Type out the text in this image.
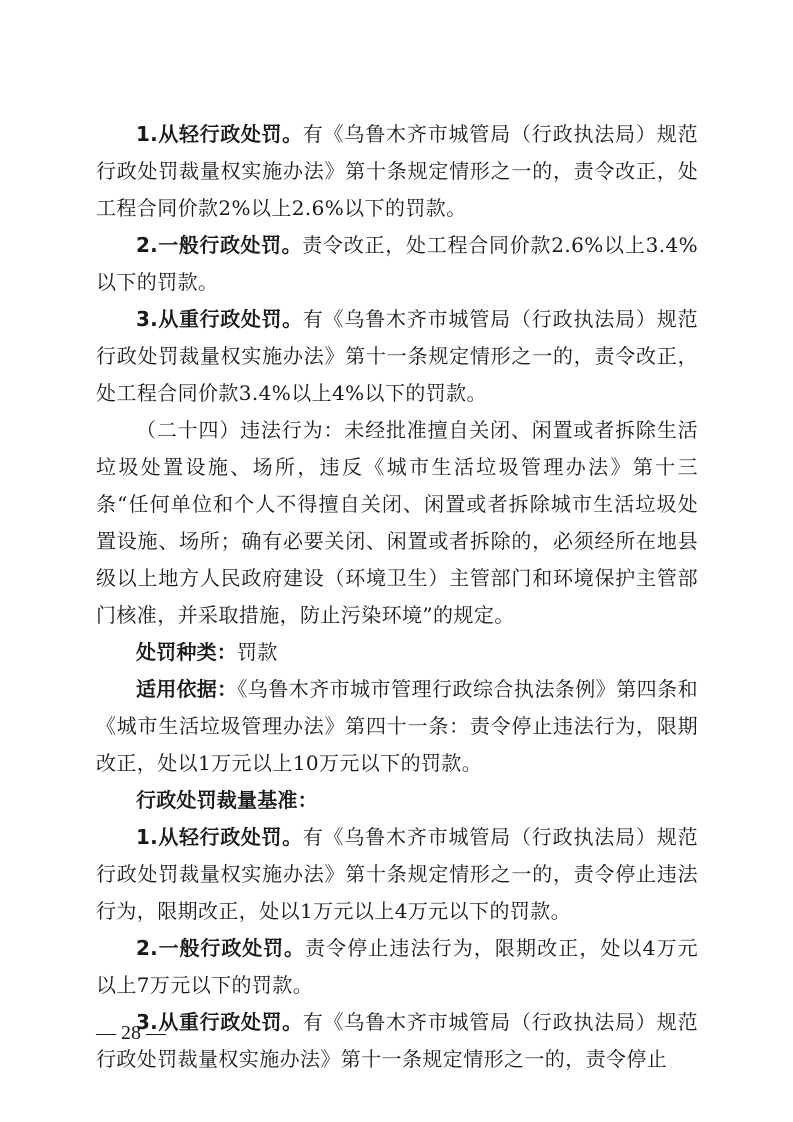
1.从轻行政处罚。有《乌鲁木齐市城管局（行政执法局）规范行政处罚裁量权实施办法》第十条规定情形之一的，责令改正，处工程合同价款2%以上2.6%以下的罚款。

2.一般行政处罚。责令改正，处工程合同价款2.6%以上3.4%以下的罚款。

3.从重行政处罚。有《乌鲁木齐市城管局（行政执法局）规范行政处罚裁量权实施办法》第十一条规定情形之一的，责令改正，处工程合同价款3.4%以上4%以下的罚款。

（二十四）违法行为：未经批准擅自关闭、闲置或者拆除生活垃圾处置设施、场所，违反《城市生活垃圾管理办法》第十三条“任何单位和个人不得擅自关闭、闲置或者拆除城市生活垃圾处置设施、场所；确有必要关闭、闲置或者拆除的，必须经所在地县级以上地方人民政府建设（环境卫生）主管部门和环境保护主管部门核准，并采取措施，防止污染环境”的规定。

处罚种类：罚款

适用依据：《乌鲁木齐市城市管理行政综合执法条例》第四条和《城市生活垃圾管理办法》第四十一条：责令停止违法行为，限期改正，处以1万元以上10万元以下的罚款。

行政处罚裁量基准：

1.从轻行政处罚。有《乌鲁木齐市城管局（行政执法局）规范行政处罚裁量权实施办法》第十条规定情形之一的，责令停止违法行为，限期改正，处以1万元以上4万元以下的罚款。

2.一般行政处罚。责令停止违法行为，限期改正，处以4万元以上7万元以下的罚款。

3.从重行政处罚。有《乌鲁木齐市城管局（行政执法局）规范行政处罚裁量权实施办法》第十一条规定情形之一的，责令停止

— 28 —
